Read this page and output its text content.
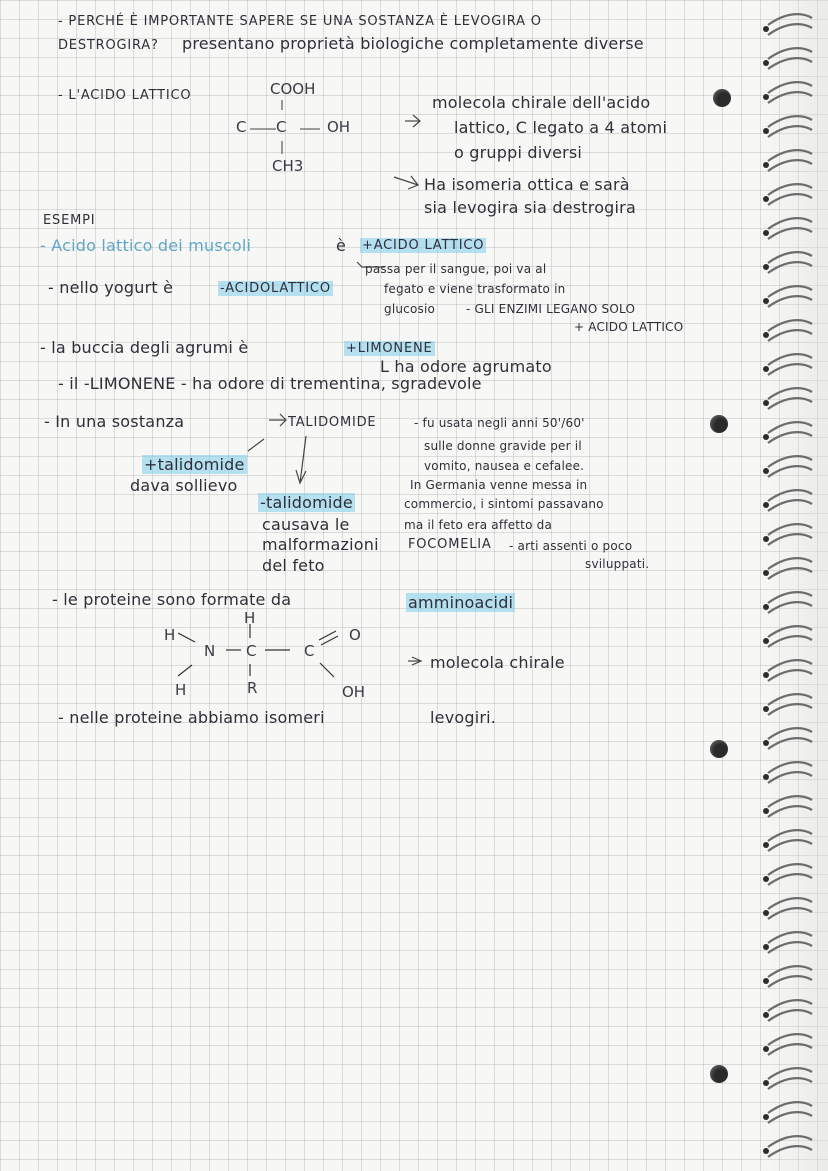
- PERCHÉ È IMPORTANTE SAPERE SE UNA SOSTANZA È LEVOGIRA O
DESTROGIRA? presentano proprietà biologiche completamente diverse
- L'ACIDO LATTICO	COOH
C C	OH
CH3
molecola chirale dell'acido
lattico, C legato a 4 atomi
o gruppi diversi
Ha isomeria ottica e sarà
sia levogira sia destrogira
ESEMPI
- Acido lattico dei muscoli	è +ACIDO LATTICO
passa per il sangue, poi va al
fegato e viene trasformato in
glucosio	- GLI ENZIMI LEGANO SOLO
+ ACIDO LATTICO
- nello yogurt è	-ACIDOLATTICO
- la buccia degli agrumi è	+LIMONENE
L ha odore agrumato
- il -LIMONENE - ha odore di trementina, sgradevole
- In una sostanza	TALIDOMIDE	- fu usata negli anni 50'/60'
sulle donne gravide per il
vomito, nausea e cefalee.
In Germania venne messa in
commercio, i sintomi passavano
ma il feto era affetto da
FOCOMELIA - arti assenti o poco
sviluppati.
+talidomide
dava sollievo
-talidomide
causava le
malformazioni
del feto
- le proteine sono formate da	amminoacidi
H
H
N C	C
O
H	R	OH
molecola chirale
- nelle proteine abbiamo isomeri	levogiri.
